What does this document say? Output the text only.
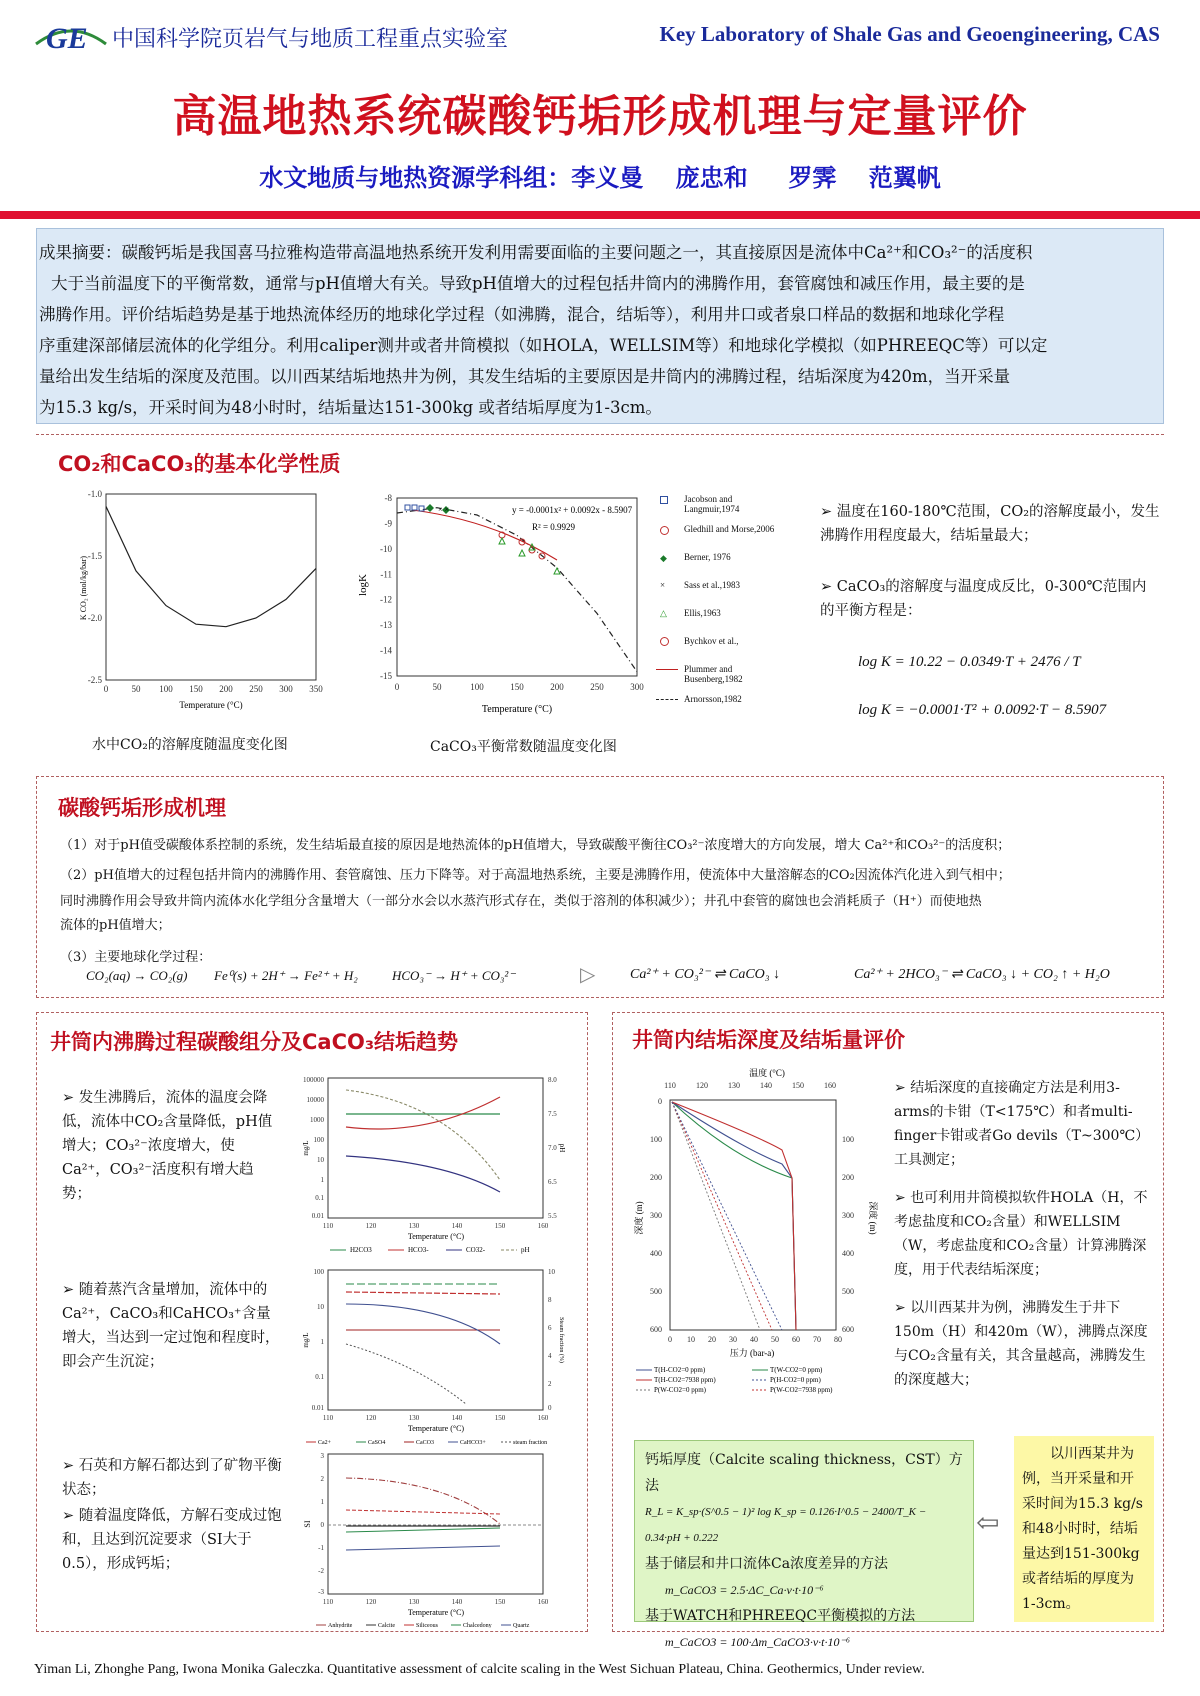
GE 中国科学院页岩气与地质工程重点实验室	Key Laboratory of Shale Gas and Geoengineering, CAS
高温地热系统碳酸钙垢形成机理与定量评价
水文地质与地热资源学科组：李义曼　 庞忠和 　 罗霁 　范翼帆
成果摘要：碳酸钙垢是我国喜马拉雅构造带高温地热系统开发利用需要面临的主要问题之一，其直接原因是流体中Ca²⁺和CO₃²⁻的活度积
大于当前温度下的平衡常数，通常与pH值增大有关。导致pH值增大的过程包括井筒内的沸腾作用，套管腐蚀和减压作用，最主要的是
沸腾作用。评价结垢趋势是基于地热流体经历的地球化学过程（如沸腾，混合，结垢等），利用井口或者泉口样品的数据和地球化学程
序重建深部储层流体的化学组分。利用caliper测井或者井筒模拟（如HOLA，WELLSIM等）和地球化学模拟（如PHREEQC等）可以定
量给出发生结垢的深度及范围。以川西某结垢地热井为例，其发生结垢的主要原因是井筒内的沸腾过程，结垢深度为420m，当开采量
为15.3 kg/s，开采时间为48小时时，结垢量达151-300kg 或者结垢厚度为1-3cm。
CO₂和CaCO₃的基本化学性质
0	50 100 150 200 250 300 350
-1.0
-1.5
-2.0
-2.5
Temperature (°C)
K CO₂ (mol/kg/bar)
水中CO₂的溶解度随温度变化图
0	50	100	150	200	250	300
-8
-9
-10
-11
-12
-13
-14
-15
× ×	y = -0.0001x² + 0.0092x - 8.5907
R² = 0.9929
Temperature (°C)
logK
CaCO₃平衡常数随温度变化图
Jacobson and Langmuir,1974
Gledhill and Morse,2006
◆ Berner, 1976
× Sass et al.,1983
△ Ellis,1963
Bychkov et al.,
Plummer and Busenberg,1982
Arnorsson,1982
➢ 温度在160-180℃范围，CO₂的溶解度最小，发生沸腾作用程度最大，结垢量最大；
➢ CaCO₃的溶解度与温度成反比，0-300℃范围内的平衡方程是：
log K = 10.22 − 0.0349·T + 2476 / T
log K = −0.0001·T² + 0.0092·T − 8.5907
碳酸钙垢形成机理
（1）对于pH值受碳酸体系控制的系统，发生结垢最直接的原因是地热流体的pH值增大，导致碳酸平衡往CO₃²⁻浓度增大的方向发展，增大 Ca²⁺和CO₃²⁻的活度积；
（2）pH值增大的过程包括井筒内的沸腾作用、套管腐蚀、压力下降等。对于高温地热系统，主要是沸腾作用，使流体中大量溶解态的CO₂因流体汽化进入到气相中；
同时沸腾作用会导致井筒内流体水化学组分含量增大（一部分水会以水蒸汽形式存在，类似于溶剂的体积减少）；井孔中套管的腐蚀也会消耗质子（H⁺）而使地热
流体的pH值增大；
（3）主要地球化学过程：
CO₂(aq) → CO₂(g) Fe⁰(s) + 2H⁺ → Fe²⁺ + H₂	HCO₃⁻ → H⁺ + CO₃²⁻	▷ Ca²⁺ + CO₃²⁻ ⇌ CaCO₃ ↓	Ca²⁺ + 2HCO₃⁻ ⇌ CaCO₃ ↓ + CO₂ ↑ + H₂O
井筒内沸腾过程碳酸组分及CaCO₃结垢趋势
➢ 发生沸腾后，流体的温度会降低，流体中CO₂含量降低，pH值增大；CO₃²⁻浓度增大，使Ca²⁺，CO₃²⁻活度积有增大趋势；
➢ 随着蒸汽含量增加，流体中的Ca²⁺，CaCO₃和CaHCO₃⁺含量增大，当达到一定过饱和程度时，即会产生沉淀；
➢ 石英和方解石都达到了矿物平衡状态；
➢ 随着温度降低，方解石变成过饱和，且达到沉淀要求（SI大于0.5），形成钙垢；
100000
10000
1000
100
10
1
0.1
0.01
110	120	130	140	150	160
8.0
7.5
7.0
6.5
5.5
Temperature (°C)
mg/L	pH
H2CO3	HCO3-	CO32-	pH
100
10
1
0.1
0.01
110	120	130	140	150	160
10
8
6
4
2
0
Temperature (°C)
mg/L	Steam fraction (%)
Ca2+	CaSO4	CaCO3	CaHCO3+	steam fraction
3
2
1
0
-1
-2
-3
110	120	130	140	150	160
Temperature (°C)
SI
Anhydrite	Calcite	Siliceous	Chalcedony	Quartz
井筒内结垢深度及结垢量评价
温度 (°C)
110	120	130	140	150	160
0
100
200
300
400
500
600
100
200
300
400
500
600
0 10 20 30 40 50 60 70 80
压力 (bar-a)
深度 (m)	深度 (m)
T(H-CO2=0 ppm)
T(H-CO2=7938 ppm)
P(W-CO2=0 ppm)
T(W-CO2=0 ppm)
P(H-CO2=0 ppm)
P(W-CO2=7938 ppm)
➢ 结垢深度的直接确定方法是利用3-arms的卡钳（T<175℃）和者multi-finger卡钳或者Go devils（T~300℃）工具测定；
➢ 也可利用井筒模拟软件HOLA（H，不考虑盐度和CO₂含量）和WELLSIM（W，考虑盐度和CO₂含量）计算沸腾深度，用于代表结垢深度；
➢ 以川西某井为例，沸腾发生于井下150m（H）和420m（W），沸腾点深度与CO₂含量有关，其含量越高，沸腾发生的深度越大；
钙垢厚度（Calcite scaling thickness，CST）方法
R_L = K_sp·(S^0.5 − 1)² log K_sp = 0.126·I^0.5 − 2400/T_K − 0.34·pH + 0.222
基于储层和井口流体Ca浓度差异的方法
m_CaCO3 = 2.5·ΔC_Ca·v·t·10⁻⁶
基于WATCH和PHREEQC平衡模拟的方法
m_CaCO3 = 100·Δm_CaCO3·v·t·10⁻⁶
⇦
以川西某井为例，当开采量和开采时间为15.3 kg/s和48小时时，结垢量达到151-300kg或者结垢的厚度为1-3cm。
Yiman Li, Zhonghe Pang, Iwona Monika Galeczka. Quantitative assessment of calcite scaling in the West Sichuan Plateau, China. Geothermics, Under review.
